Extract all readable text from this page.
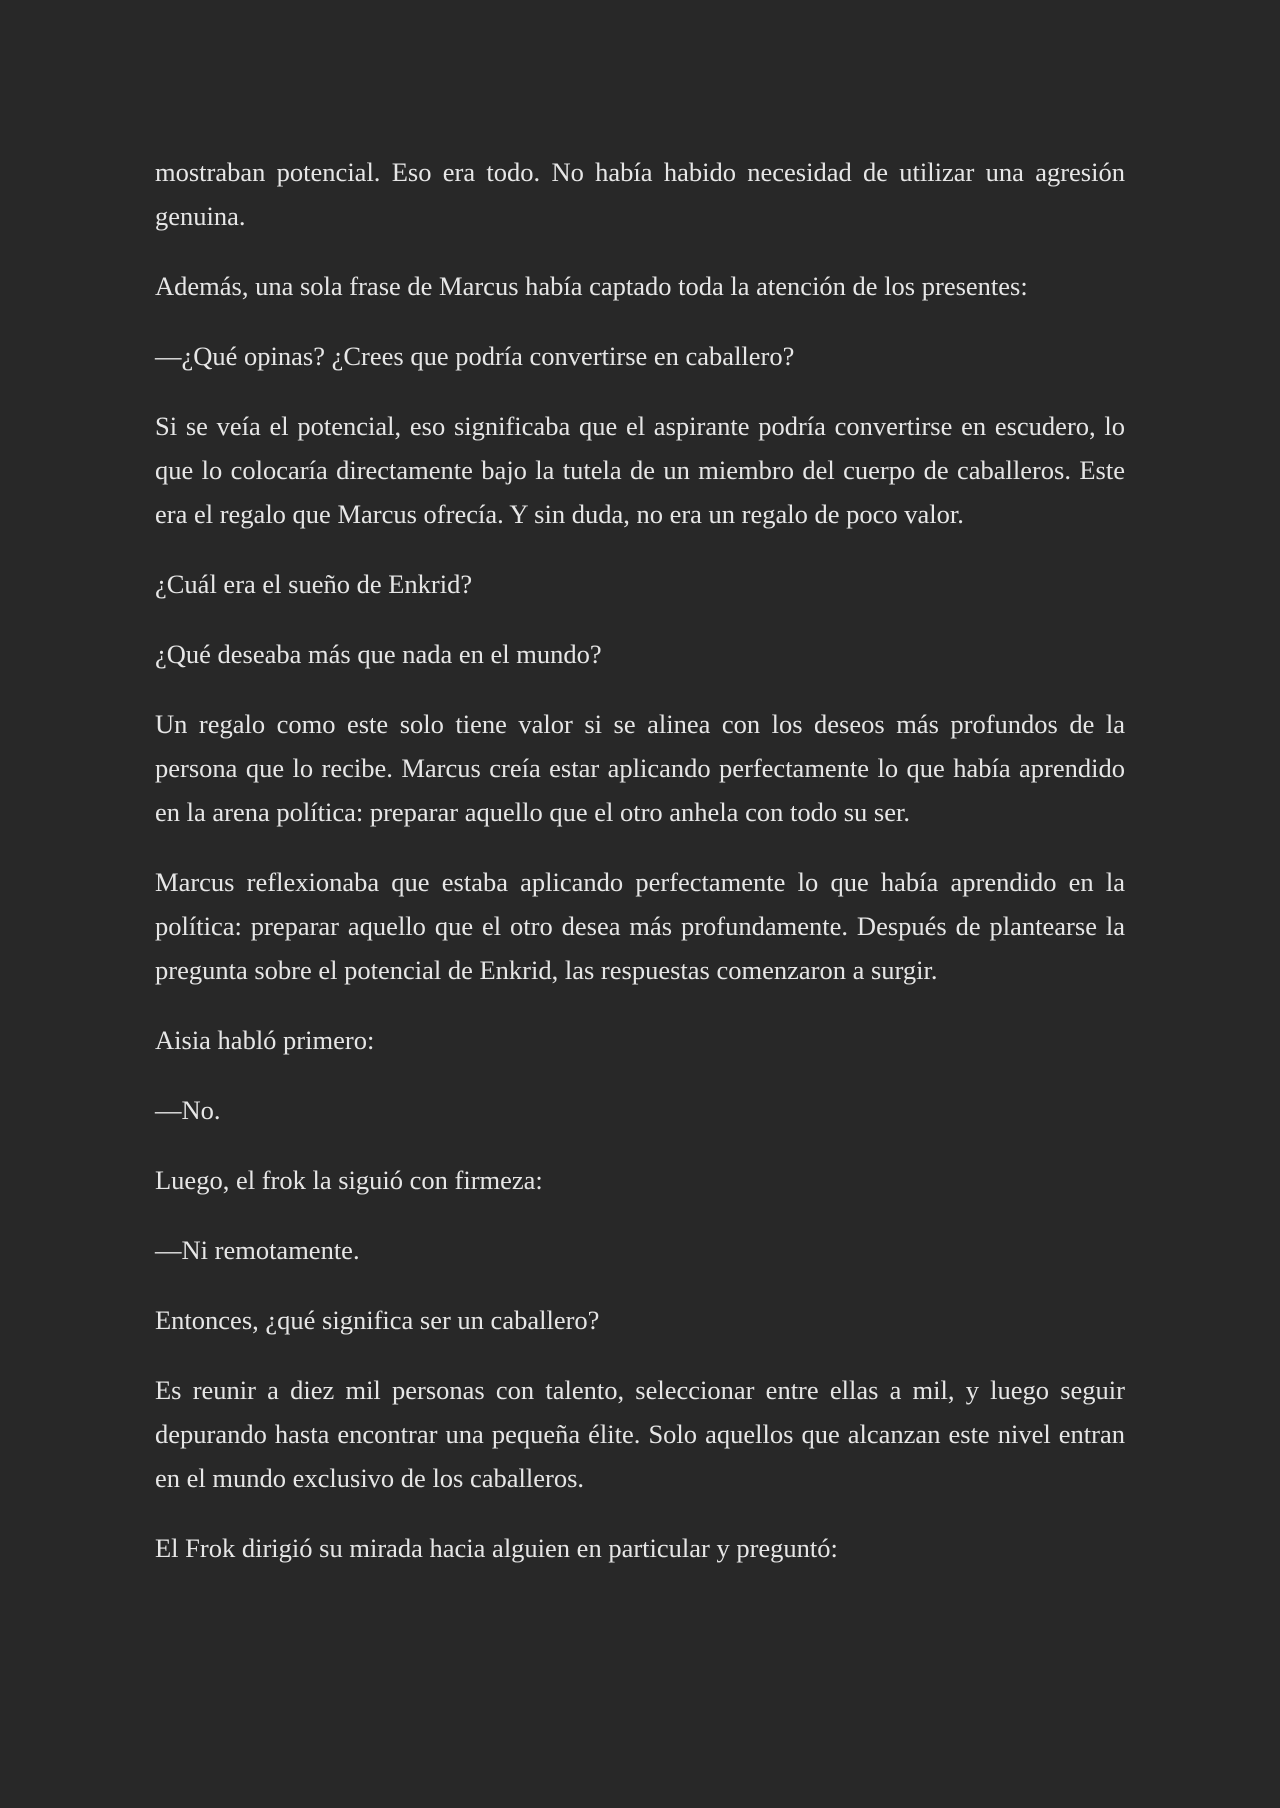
mostraban potencial. Eso era todo. No había habido necesidad de utilizar una agresión genuina.

Además, una sola frase de Marcus había captado toda la atención de los presentes:

—¿Qué opinas? ¿Crees que podría convertirse en caballero?

Si se veía el potencial, eso significaba que el aspirante podría convertirse en escudero, lo que lo colocaría directamente bajo la tutela de un miembro del cuerpo de caballeros. Este era el regalo que Marcus ofrecía. Y sin duda, no era un regalo de poco valor.

¿Cuál era el sueño de Enkrid?

¿Qué deseaba más que nada en el mundo?

Un regalo como este solo tiene valor si se alinea con los deseos más profundos de la persona que lo recibe. Marcus creía estar aplicando perfectamente lo que había aprendido en la arena política: preparar aquello que el otro anhela con todo su ser.

Marcus reflexionaba que estaba aplicando perfectamente lo que había aprendido en la política: preparar aquello que el otro desea más profundamente. Después de plantearse la pregunta sobre el potencial de Enkrid, las respuestas comenzaron a surgir.

Aisia habló primero:

—No.

Luego, el frok la siguió con firmeza:

—Ni remotamente.

Entonces, ¿qué significa ser un caballero?

Es reunir a diez mil personas con talento, seleccionar entre ellas a mil, y luego seguir depurando hasta encontrar una pequeña élite. Solo aquellos que alcanzan este nivel entran en el mundo exclusivo de los caballeros.

El Frok dirigió su mirada hacia alguien en particular y preguntó:
